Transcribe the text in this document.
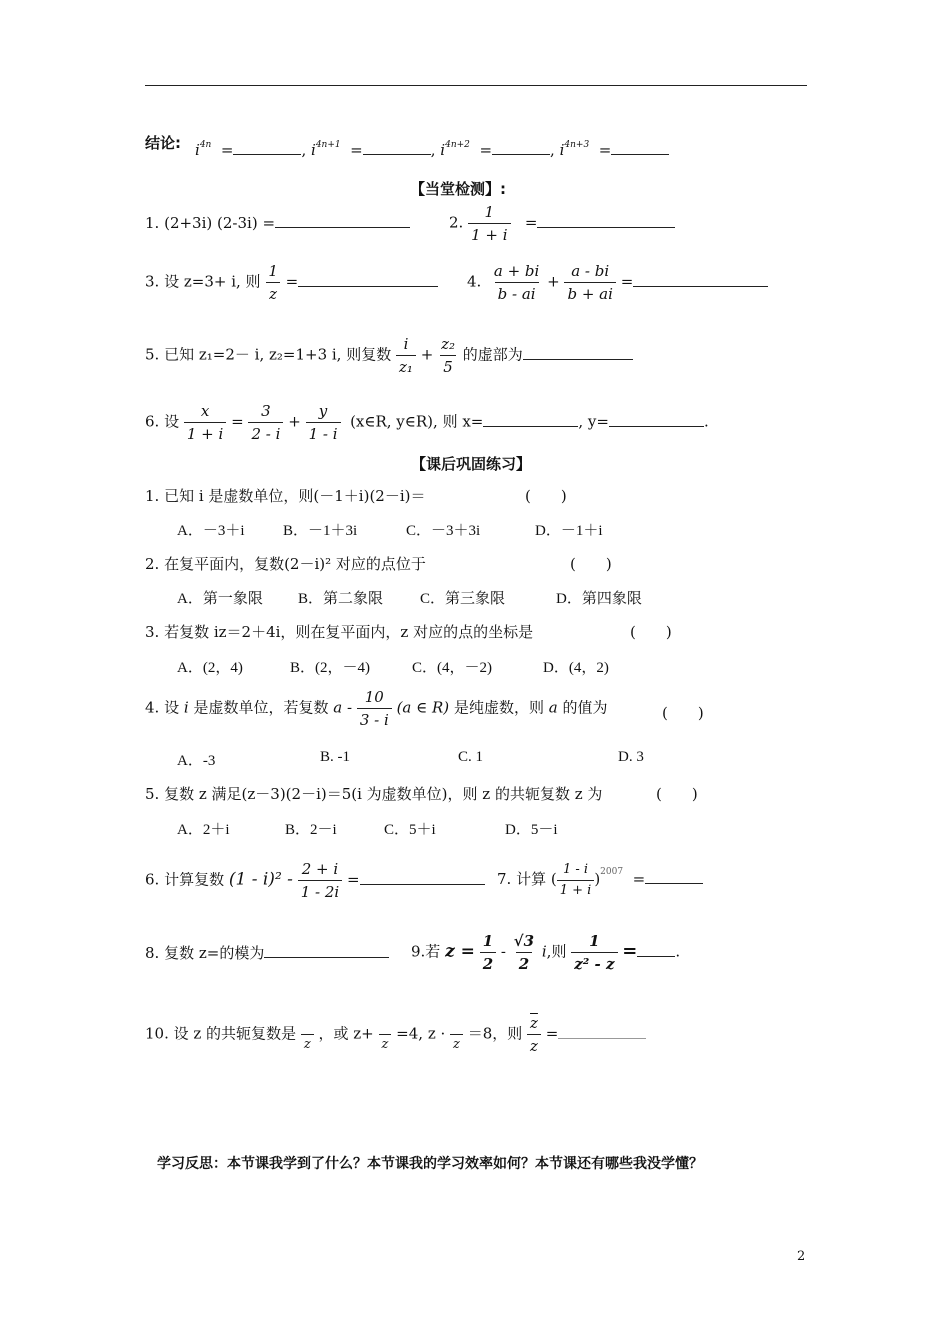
结论: $i^{4n}$ =	, $i^{4n+1}$ =	, $i^{4n+2}$ =	, $i^{4n+3}$ =
【当堂检测】:
1. (2+3i) (2-3i) =	2. $\frac{1}{1 + i}$ =
3. 设 z=3+ i, 则 $\frac{1}{z}$ =	4. $\frac{a + bi}{b - ai} + \frac{a - bi}{b + ai}$ =
5. 已知 z₁=2－ i, z₂=1+3 i, 则复数 $\frac{i}{\text{z₁}} + \frac{\text{z₂}}{5}$ 的虚部为
6. 设 $\frac{x}{1 + i} = \frac{3}{2 - i} + \frac{y}{1 - i}$ (x∈R, y∈R), 则 x=	, y=	.
【课后巩固练习】
1. 已知 i 是虚数单位，则(－1＋i)(2－i)＝	(　　)
A．－3＋i	B．－1＋3i	C．－3＋3i	D．－1＋i
2. 在复平面内，复数(2－i)² 对应的点位于	(　　)
A．第一象限 B．第二象限 C．第三象限	D．第四象限
3. 若复数 iz＝2＋4i，则在复平面内，z 对应的点的坐标是	(　　)
A．(2，4)	B．(2，－4)	C．(4，－2)	D．(4，2)
4. 设 i 是虚数单位，若复数 a - $\frac{10}{3 - i} (a$ ∈ R) 是纯虚数，则 a 的值为	(　　)
A．-3	B. -1	C. 1	D. 3
5. 复数 z 满足(z－3)(2－i)＝5(i 为虚数单位)，则 z 的共轭复数 z 为	(　　)
A．2＋i	B．2－i	C．5＋i	D．5－i
6. 计算复数 $(1 - i)^2 - \frac{2 + i}{1 - 2i}$ =	7. 计算 ( $\frac{1 - i}{1 + i} )^{2007}$ =
8. 复数 z=的模为	9.若 $z = \frac{1}{2} - \frac{√3}{2} i$,则 $\frac{1}{\text{z² - z}}$ =	.
10. 设 z 的共轭复数是

z
，或 z+

z
=4, z ·

z
＝8，则 $\frac{\overline{z}}{z}$ =
学习反思：本节课我学到了什么？本节课我的学习效率如何？本节课还有哪些我没学懂？
2
